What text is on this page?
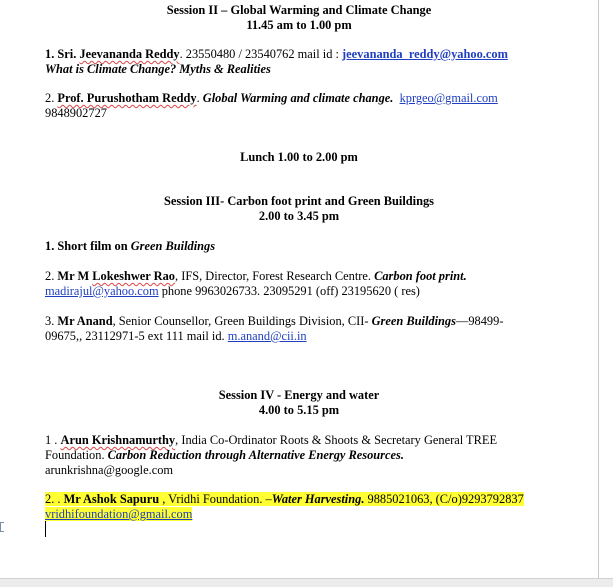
Session II – Global Warming and Climate Change
11.45 am to 1.00 pm
1. Sri. Jeevananda Reddy. 23550480 / 23540762 mail id : jeevananda_reddy@yahoo.com
What is Climate Change? Myths & Realities
2. Prof. Purushotham Reddy. Global Warming and climate change. kprgeo@gmail.com
9848902727
Lunch 1.00 to 2.00 pm
Session III- Carbon foot print and Green Buildings
2.00 to 3.45 pm
1. Short film on Green Buildings
2. Mr M Lokeshwer Rao, IFS, Director, Forest Research Centre. Carbon foot print.
madirajul@yahoo.com phone 9963026733. 23095291 (off) 23195620 ( res)
3. Mr Anand, Senior Counsellor, Green Buildings Division, CII- Green Buildings—98499-
09675,, 23112971-5 ext 111 mail id. m.anand@cii.in
Session IV - Energy and water
4.00 to 5.15 pm
1 . Arun Krishnamurthy, India Co-Ordinator Roots & Shoots & Secretary General TREE
Foundation. Carbon Reduction through Alternative Energy Resources.
arunkrishna@google.com
2. . Mr Ashok Sapuru , Vridhi Foundation. –Water Harvesting. 9885021063, (C/o)9293792837
vridhifoundation@gmail.com
